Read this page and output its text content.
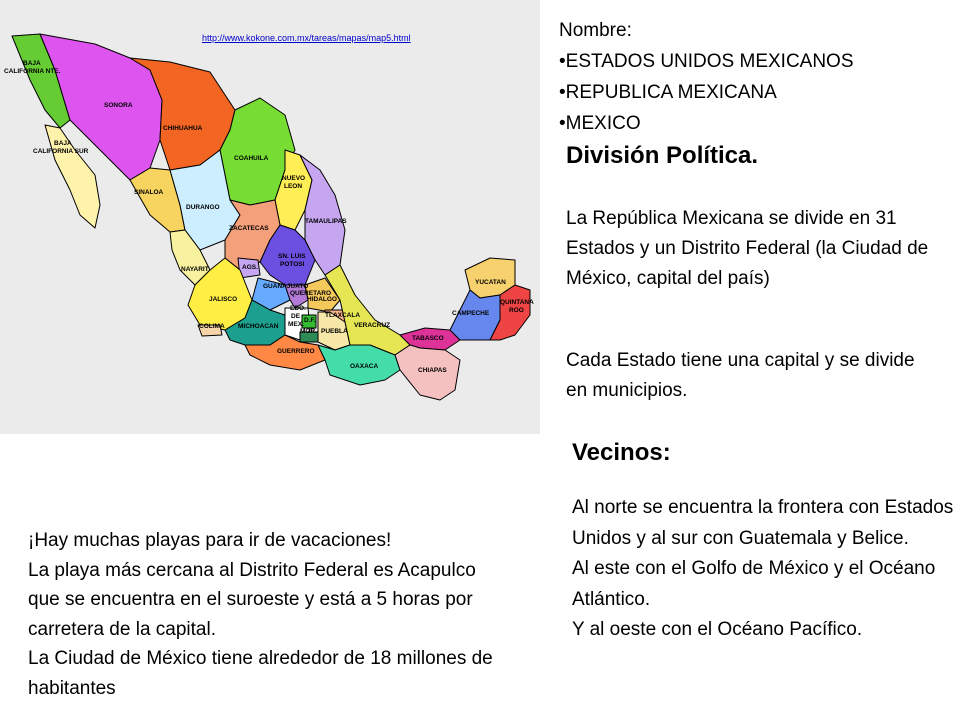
BAJA
CALIFORNIA NTE.
SONORA
CHIHUAHUA
BAJA
CALIFORNIA SUR
COAHUILA
NUEVO
LEON
SINALOA
DURANGO
TAMAULIPAS
ZACATECAS
SN. LUIS
POTOSI
NAYARIT	AGS.
GUANAJUATO
QUERETARO
HIDALGO
JALISCO
EDO.
DE
MEX.
D.F.
TLAXCALA
COLIMA MICHOACAN
MOR. PUEBLA
VERACRUZ
GUERRERO
OAXACA
TABASCO
CHIAPAS
YUCATAN
CAMPECHE
QUINTANA
ROO
http://www.kokone.com.mx/tareas/mapas/map5.html	Nombre:
• ESTADOS UNIDOS MEXICANOS
• REPUBLICA MEXICANA
• MEXICO
División Política.
La República Mexicana se divide en 31 Estados y un Distrito Federal (la Ciudad de México, capital del país)
Cada Estado tiene una capital y se divide en municipios.
Vecinos:
Al norte se encuentra la frontera con Estados Unidos y al sur con Guatemala y Belice.
Al este con el Golfo de México y el Océano Atlántico.
Y al oeste con el Océano Pacífico.
¡Hay muchas playas para ir de vacaciones!
La playa más cercana al Distrito Federal es Acapulco que se encuentra en el suroeste y está a 5 horas por carretera de la capital.
La Ciudad de México tiene alrededor de 18 millones de habitantes
